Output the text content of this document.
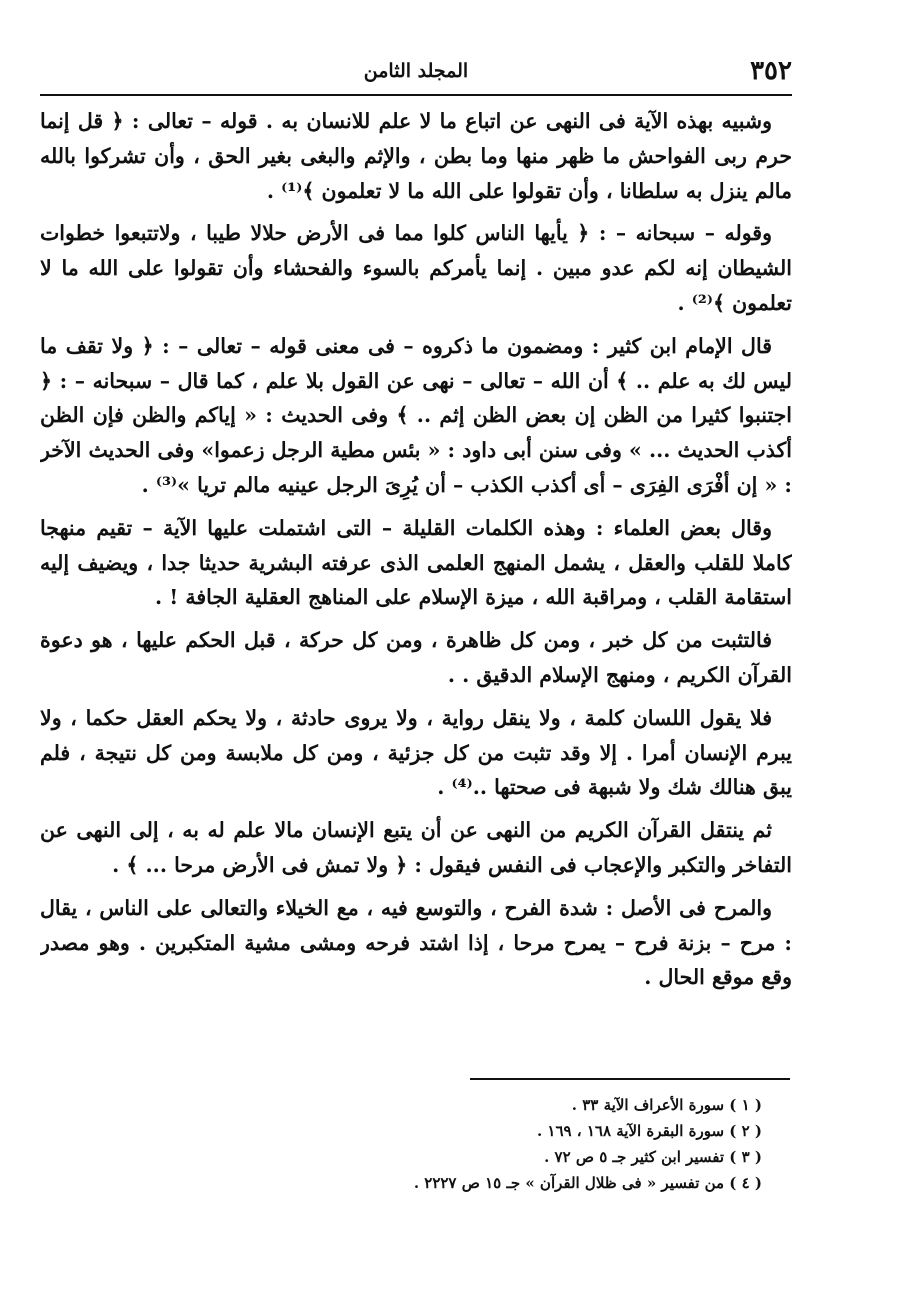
٣٥٢
المجلد الثامن

وشبيه بهذه الآية فى النهى عن اتباع ما لا علم للانسان به . قوله – تعالى : ﴿ قل إنما حرم ربى الفواحش ما ظهر منها وما بطن ، والإثم والبغى بغير الحق ، وأن تشركوا بالله مالم ينزل به سلطانا ، وأن تقولوا على الله ما لا تعلمون ﴾⁽¹⁾ .

وقوله – سبحانه – : ﴿ يأيها الناس كلوا مما فى الأرض حلالا طيبا ، ولاتتبعوا خطوات الشيطان إنه لكم عدو مبين . إنما يأمركم بالسوء والفحشاء وأن تقولوا على الله ما لا تعلمون ﴾⁽²⁾ .

قال الإمام ابن كثير : ومضمون ما ذكروه – فى معنى قوله – تعالى – : ﴿ ولا تقف ما ليس لك به علم .. ﴾ أن الله – تعالى – نهى عن القول بلا علم ، كما قال – سبحانه – : ﴿ اجتنبوا كثيرا من الظن إن بعض الظن إثم .. ﴾ وفى الحديث : « إياكم والظن فإن الظن أكذب الحديث ... » وفى سنن أبى داود : « بئس مطية الرجل زعموا» وفى الحديث الآخر : « إن أفْرَى الفِرَى – أى أكذب الكذب – أن يُرِىَ الرجل عينيه مالم تريا »⁽³⁾ .

وقال بعض العلماء : وهذه الكلمات القليلة – التى اشتملت عليها الآية – تقيم منهجا كاملا للقلب والعقل ، يشمل المنهج العلمى الذى عرفته البشرية حديثا جدا ، ويضيف إليه استقامة القلب ، ومراقبة الله ، ميزة الإسلام على المناهج العقلية الجافة ! .

فالتثبت من كل خبر ، ومن كل ظاهرة ، ومن كل حركة ، قبل الحكم عليها ، هو دعوة القرآن الكريم ، ومنهج الإسلام الدقيق . .

فلا يقول اللسان كلمة ، ولا ينقل رواية ، ولا يروى حادثة ، ولا يحكم العقل حكما ، ولا يبرم الإنسان أمرا . إلا وقد تثبت من كل جزئية ، ومن كل ملابسة ومن كل نتيجة ، فلم يبق هنالك شك ولا شبهة فى صحتها ..⁽⁴⁾ .

ثم ينتقل القرآن الكريم من النهى عن أن يتبع الإنسان مالا علم له به ، إلى النهى عن التفاخر والتكبر والإعجاب فى النفس فيقول : ﴿ ولا تمش فى الأرض مرحا ... ﴾ .

والمرح فى الأصل : شدة الفرح ، والتوسع فيه ، مع الخيلاء والتعالى على الناس ، يقال : مرح – بزنة فرح – يمرح مرحا ، إذا اشتد فرحه ومشى مشية المتكبرين . وهو مصدر وقع موقع الحال .

( ١ ) سورة الأعراف الآية ٣٣ .
( ٢ ) سورة البقرة الآية ١٦٨ ، ١٦٩ .
( ٣ ) تفسير ابن كثير جـ ٥ ص ٧٢ .
( ٤ ) من تفسير « فى ظلال القرآن » جـ ١٥ ص ٢٢٢٧ .
